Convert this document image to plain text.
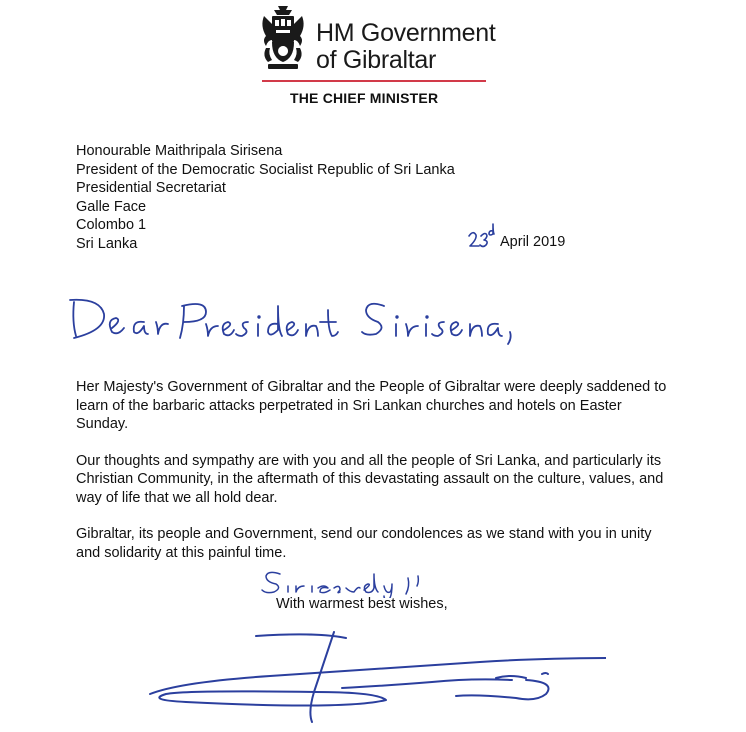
HM Government
of Gibraltar
THE CHIEF MINISTER
Honourable Maithripala Sirisena
President of the Democratic Socialist Republic of Sri Lanka
Presidential Secretariat
Galle Face
Colombo 1
Sri Lanka	April 2019

Her Majesty's Government of Gibraltar and the People of Gibraltar were deeply saddened to learn of the barbaric attacks perpetrated in Sri Lankan churches and hotels on Easter Sunday.

Our thoughts and sympathy are with you and all the people of Sri Lanka, and particularly its Christian Community, in the aftermath of this devastating assault on the culture, values, and way of life that we all hold dear.

Gibraltar, its people and Government, send our condolences as we stand with you in unity and solidarity at this painful time.

With warmest best wishes,
